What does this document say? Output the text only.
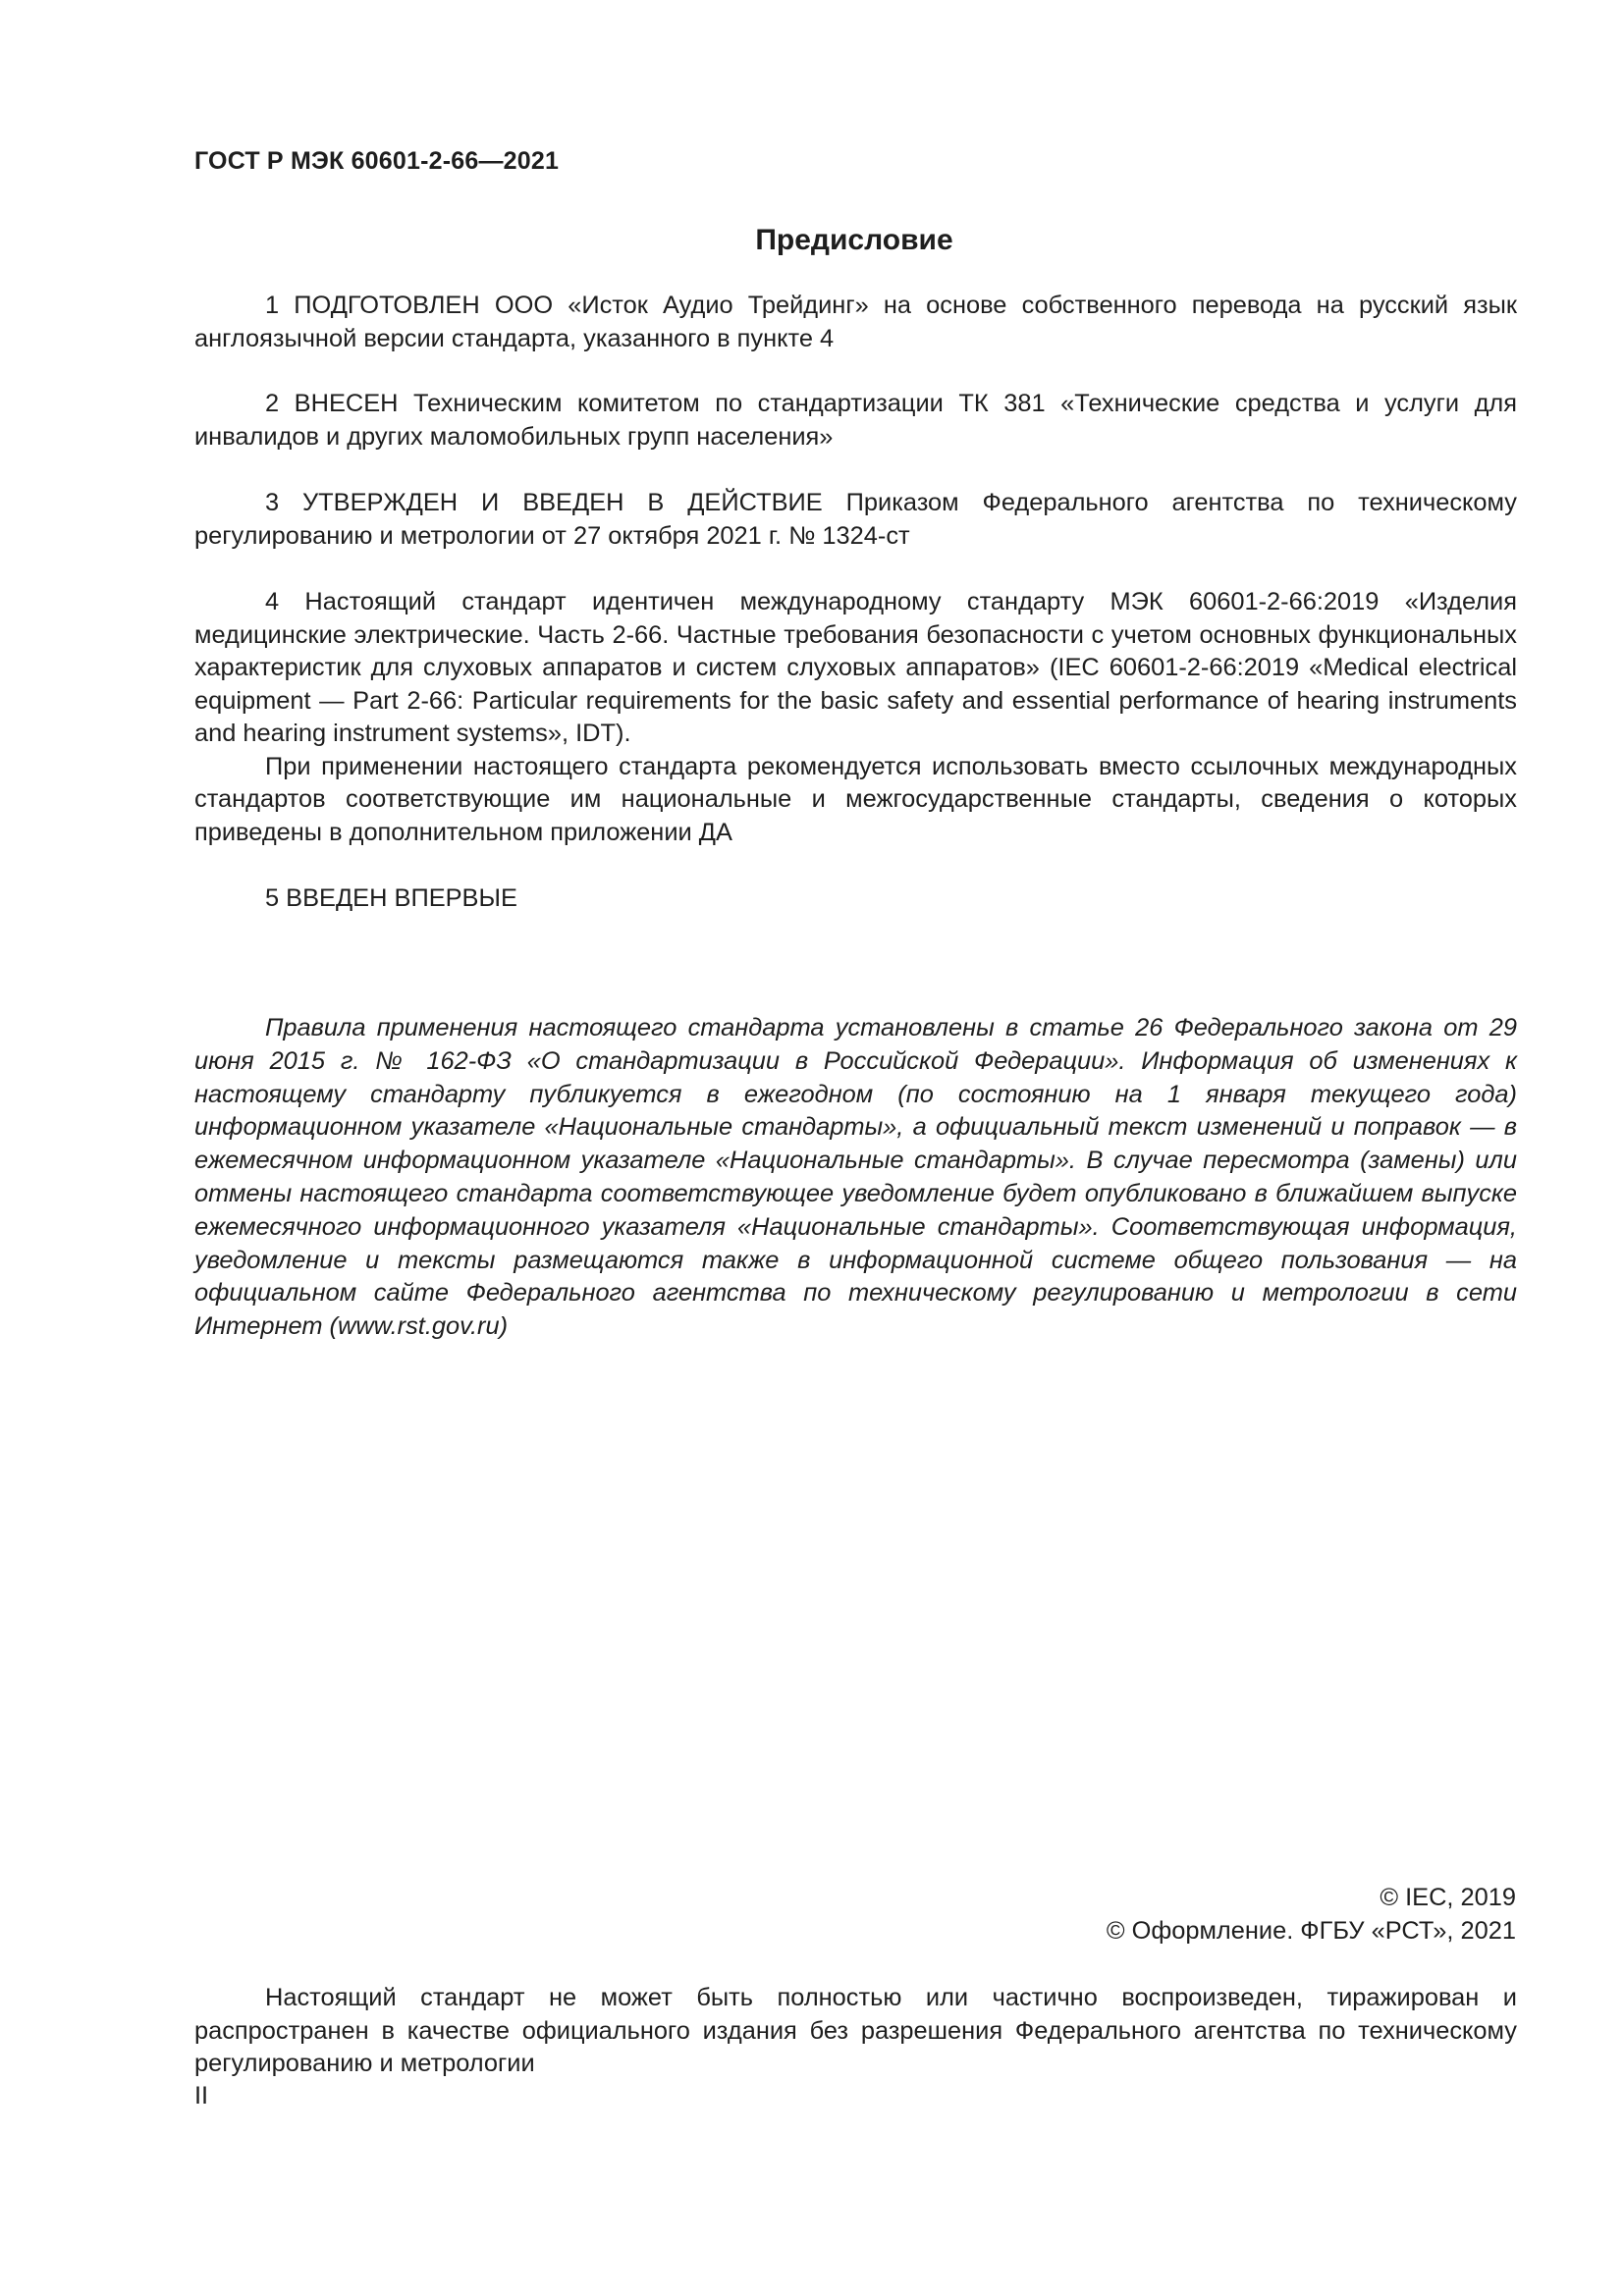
ГОСТ Р МЭК 60601-2-66—2021
Предисловие

1 ПОДГОТОВЛЕН ООО «Исток Аудио Трейдинг» на основе собственного перевода на русский язык англоязычной версии стандарта, указанного в пункте 4

2 ВНЕСЕН Техническим комитетом по стандартизации ТК 381 «Технические средства и услуги для инвалидов и других маломобильных групп населения»

3 УТВЕРЖДЕН И ВВЕДЕН В ДЕЙСТВИЕ Приказом Федерального агентства по техническому регулированию и метрологии от 27 октября 2021 г. № 1324-ст

4 Настоящий стандарт идентичен международному стандарту МЭК 60601-2-66:2019 «Изделия медицинские электрические. Часть 2-66. Частные требования безопасности с учетом основных функциональных характеристик для слуховых аппаратов и систем слуховых аппаратов» (IEC 60601-2-66:2019 «Medical electrical equipment — Part 2-66: Particular requirements for the basic safety and essential performance of hearing instruments and hearing instrument systems», IDT).

При применении настоящего стандарта рекомендуется использовать вместо ссылочных международных стандартов соответствующие им национальные и межгосударственные стандарты, сведения о которых приведены в дополнительном приложении ДА

5 ВВЕДЕН ВПЕРВЫЕ

Правила применения настоящего стандарта установлены в статье 26 Федерального закона от 29 июня 2015 г. № 162-ФЗ «О стандартизации в Российской Федерации». Информация об изменениях к настоящему стандарту публикуется в ежегодном (по состоянию на 1 января текущего года) информационном указателе «Национальные стандарты», а официальный текст изменений и поправок — в ежемесячном информационном указателе «Национальные стандарты». В случае пересмотра (замены) или отмены настоящего стандарта соответствующее уведомление будет опубликовано в ближайшем выпуске ежемесячного информационного указателя «Национальные стандарты». Соответствующая информация, уведомление и тексты размещаются также в информационной системе общего пользования — на официальном сайте Федерального агентства по техническому регулированию и метрологии в сети Интернет (www.rst.gov.ru)

© IEC, 2019
© Оформление. ФГБУ «РСТ», 2021

Настоящий стандарт не может быть полностью или частично воспроизведен, тиражирован и распространен в качестве официального издания без разрешения Федерального агентства по техническому регулированию и метрологии

II
